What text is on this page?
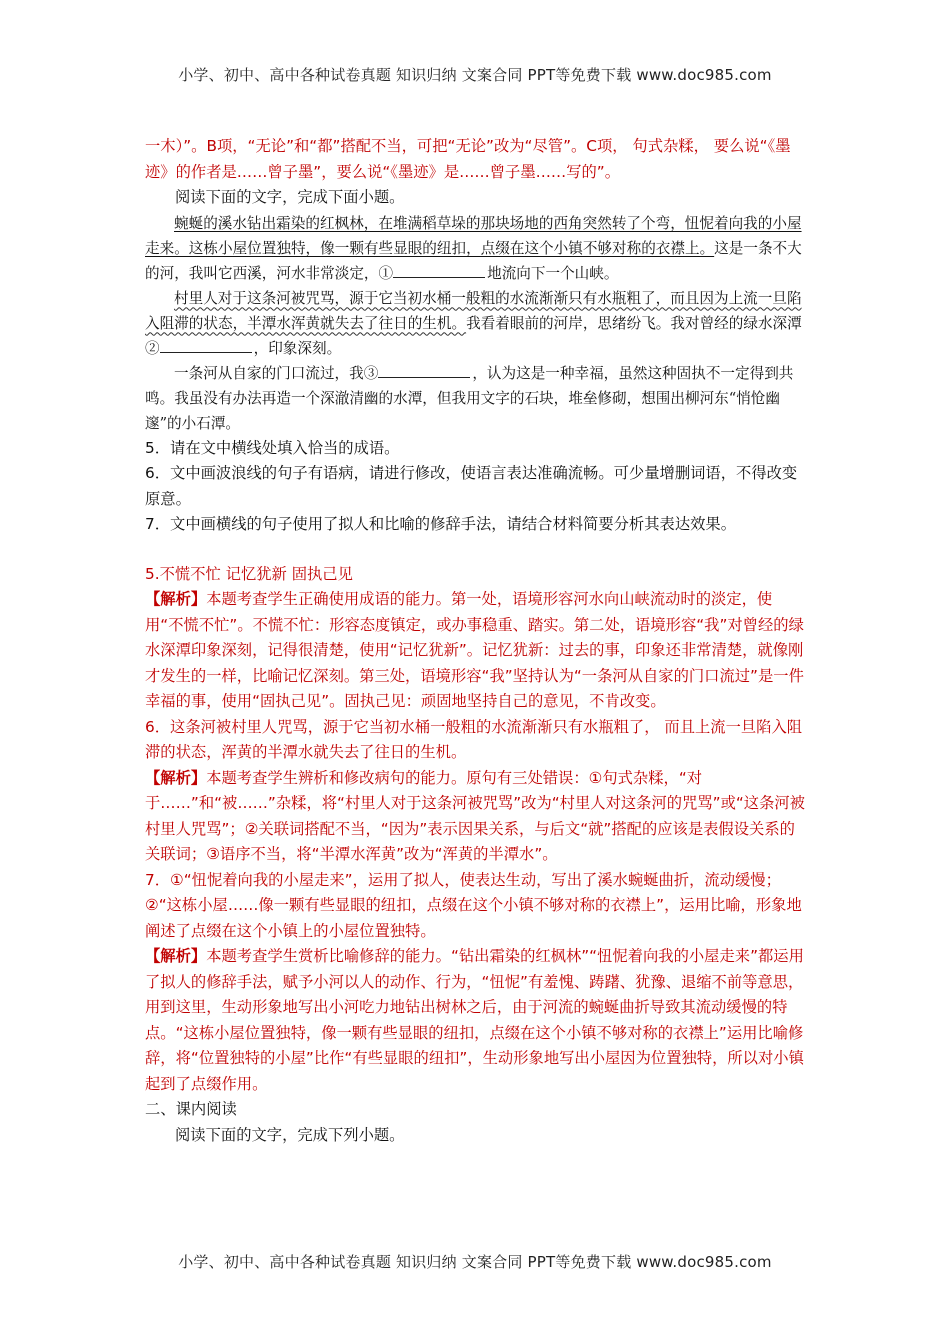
小学、初中、高中各种试卷真题 知识归纳 文案合同 PPT等免费下载 www.doc985.com

一木）”。B项，“无论”和“都”搭配不当，可把“无论”改为“尽管”。C项， 句式杂糅， 要么说“《墨迹》的作者是……曾子墨”，要么说“《墨迹》是……曾子墨……写的”。

阅读下面的文字，完成下面小题。

蜿蜒的溪水钻出霜染的红枫林，在堆满稻草垛的那块场地的西角突然转了个弯，忸怩着向我的小屋走来。这栋小屋位置独特，像一颗有些显眼的纽扣，点缀在这个小镇不够对称的衣襟上。这是一条不大的河，我叫它西溪，河水非常淡定，①	地流向下一个山峡。

村里人对于这条河被咒骂，源于它当初水桶一般粗的水流渐渐只有水瓶粗了，而且因为上流一旦陷入阻滞的状态，半潭水浑黄就失去了往日的生机。我看着眼前的河岸，思绪纷飞。我对曾经的绿水深潭②	，印象深刻。

一条河从自家的门口流过，我③	，认为这是一种幸福，虽然这种固执不一定得到共鸣。我虽没有办法再造一个深澈清幽的水潭，但我用文字的石块，堆垒修砌，想围出柳河东“悄怆幽邃”的小石潭。

5．请在文中横线处填入恰当的成语。

6．文中画波浪线的句子有语病，请进行修改，使语言表达准确流畅。可少量增删词语，不得改变原意。

7．文中画横线的句子使用了拟人和比喻的修辞手法，请结合材料简要分析其表达效果。

5.不慌不忙 记忆犹新 固执己见

【解析】本题考查学生正确使用成语的能力。第一处，语境形容河水向山峡流动时的淡定，使用“不慌不忙”。不慌不忙：形容态度镇定，或办事稳重、踏实。第二处，语境形容“我”对曾经的绿水深潭印象深刻，记得很清楚，使用“记忆犹新”。记忆犹新：过去的事，印象还非常清楚，就像刚才发生的一样，比喻记忆深刻。第三处，语境形容“我”坚持认为“一条河从自家的门口流过”是一件幸福的事，使用“固执己见”。固执己见：顽固地坚持自己的意见，不肯改变。

6．这条河被村里人咒骂，源于它当初水桶一般粗的水流渐渐只有水瓶粗了， 而且上流一旦陷入阻滞的状态，浑黄的半潭水就失去了往日的生机。

【解析】本题考查学生辨析和修改病句的能力。原句有三处错误：①句式杂糅，“对于……”和“被……”杂糅，将“村里人对于这条河被咒骂”改为“村里人对这条河的咒骂”或“这条河被村里人咒骂”；②关联词搭配不当，“因为”表示因果关系，与后文“就”搭配的应该是表假设关系的关联词；③语序不当，将“半潭水浑黄”改为“浑黄的半潭水”。

7．①“忸怩着向我的小屋走来”，运用了拟人，使表达生动，写出了溪水蜿蜒曲折，流动缓慢；②“这栋小屋……像一颗有些显眼的纽扣，点缀在这个小镇不够对称的衣襟上”，运用比喻，形象地阐述了点缀在这个小镇上的小屋位置独特。

【解析】本题考查学生赏析比喻修辞的能力。“钻出霜染的红枫林”“忸怩着向我的小屋走来”都运用了拟人的修辞手法，赋予小河以人的动作、行为，“忸怩”有羞愧、踌躇、犹豫、退缩不前等意思，用到这里，生动形象地写出小河吃力地钻出树林之后，由于河流的蜿蜒曲折导致其流动缓慢的特点。“这栋小屋位置独特，像一颗有些显眼的纽扣，点缀在这个小镇不够对称的衣襟上”运用比喻修辞，将“位置独特的小屋”比作“有些显眼的纽扣”，生动形象地写出小屋因为位置独特，所以对小镇起到了点缀作用。

二、课内阅读

阅读下面的文字，完成下列小题。

小学、初中、高中各种试卷真题 知识归纳 文案合同 PPT等免费下载 www.doc985.com
